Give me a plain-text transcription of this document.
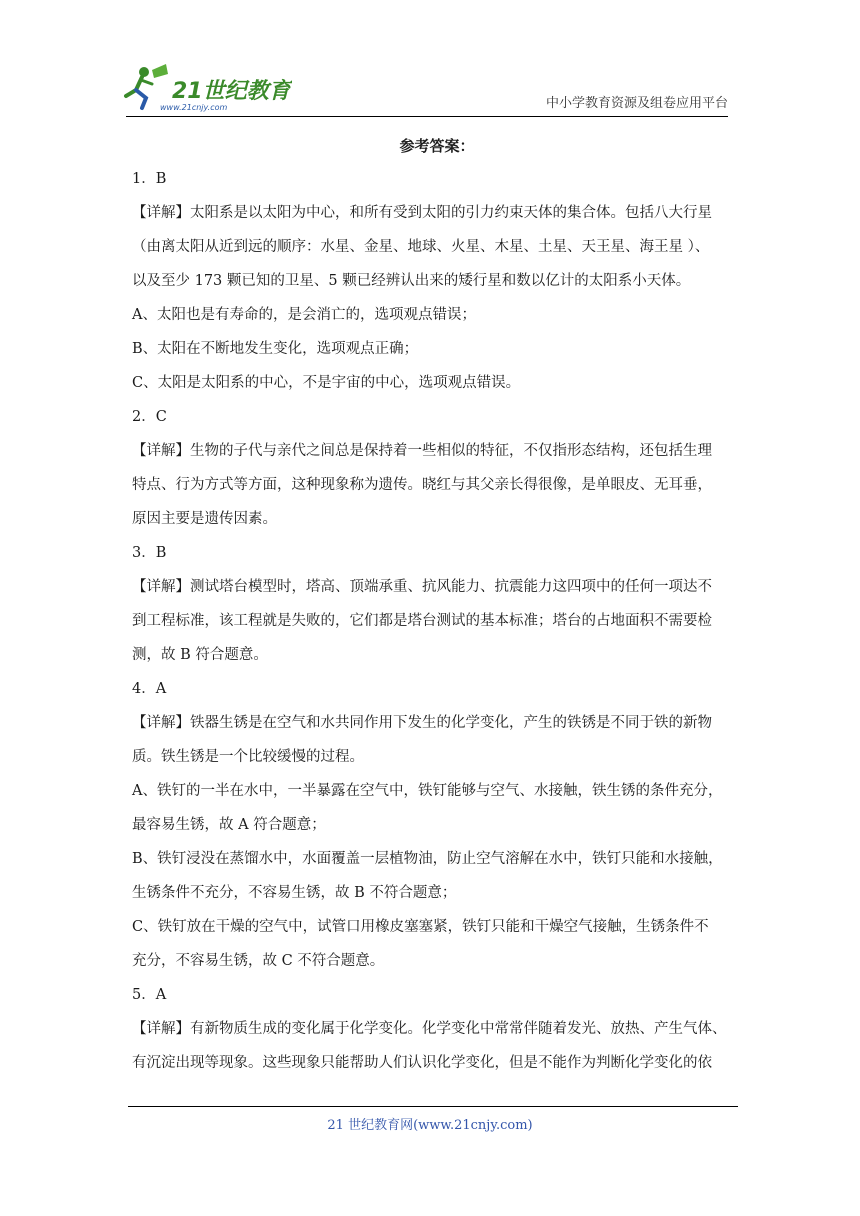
21世纪教育
www.21cnjy.com	中小学教育资源及组卷应用平台
参考答案：

1．B

【详解】太阳系是以太阳为中心，和所有受到太阳的引力约束天体的集合体。包括八大行星

（由离太阳从近到远的顺序：水星、金星、地球、火星、木星、土星、天王星、海王星 ）、

以及至少 173 颗已知的卫星、5 颗已经辨认出来的矮行星和数以亿计的太阳系小天体。

A、太阳也是有寿命的，是会消亡的，选项观点错误；

B、太阳在不断地发生变化，选项观点正确；

C、太阳是太阳系的中心，不是宇宙的中心，选项观点错误。

2．C

【详解】生物的子代与亲代之间总是保持着一些相似的特征，不仅指形态结构，还包括生理

特点、行为方式等方面，这种现象称为遗传。晓红与其父亲长得很像，是单眼皮、无耳垂，

原因主要是遗传因素。

3．B

【详解】测试塔台模型时，塔高、顶端承重、抗风能力、抗震能力这四项中的任何一项达不

到工程标准，该工程就是失败的，它们都是塔台测试的基本标准；塔台的占地面积不需要检

测，故 B 符合题意。

4．A

【详解】铁器生锈是在空气和水共同作用下发生的化学变化，产生的铁锈是不同于铁的新物

质。铁生锈是一个比较缓慢的过程。

A、铁钉的一半在水中，一半暴露在空气中，铁钉能够与空气、水接触，铁生锈的条件充分，

最容易生锈，故 A 符合题意；

B、铁钉浸没在蒸馏水中，水面覆盖一层植物油，防止空气溶解在水中，铁钉只能和水接触，

生锈条件不充分，不容易生锈，故 B 不符合题意；

C、铁钉放在干燥的空气中，试管口用橡皮塞塞紧，铁钉只能和干燥空气接触，生锈条件不

充分，不容易生锈，故 C 不符合题意。

5．A

【详解】有新物质生成的变化属于化学变化。化学变化中常常伴随着发光、放热、产生气体、

有沉淀出现等现象。这些现象只能帮助人们认识化学变化，但是不能作为判断化学变化的依

21 世纪教育网(www.21cnjy.com)
